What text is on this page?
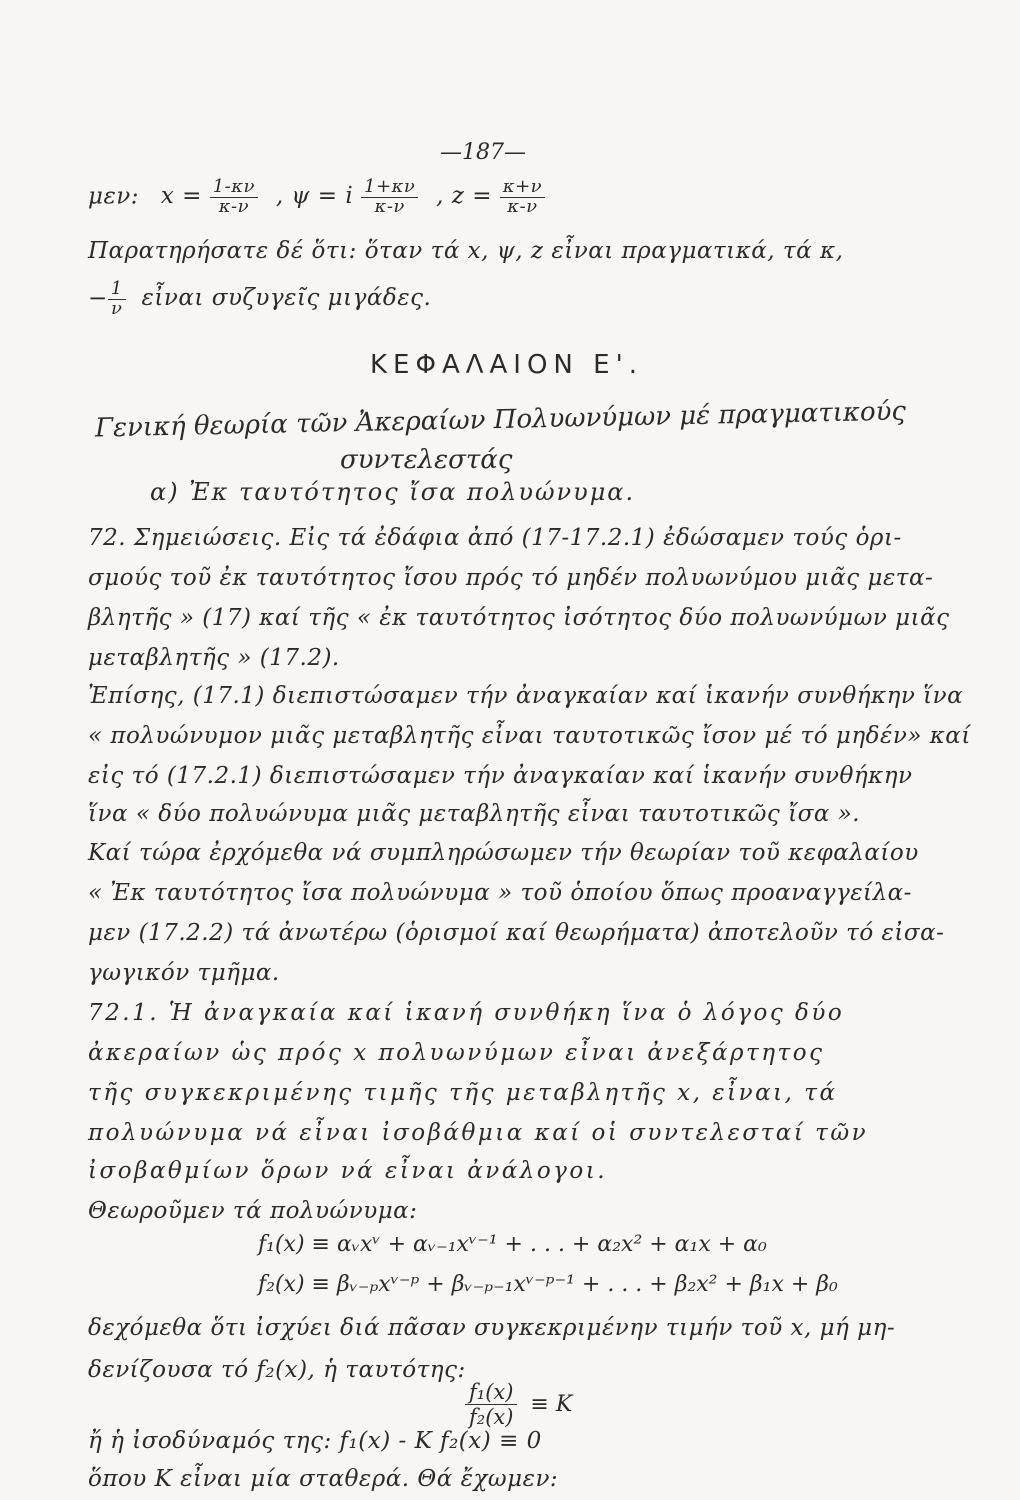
—187—
μεν: $x = \frac{1-\kappa\nu}{\kappa-\nu}$ , ψ = i $\frac{1+\kappa\nu}{\kappa-\nu}$ , $z = \frac{\kappa+\nu}{\kappa-\nu}$
Παρατηρήσατε δέ ὅτι: ὅταν τά x, ψ, z εἶναι πραγματικά, τά κ,
− $\frac{1}{\nu}$ εἶναι συζυγεῖς μιγάδες.
ΚΕΦΑΛΑΙΟΝ Ε'.
Γενική θεωρία τῶν Ἀκεραίων Πολυωνύμων μέ πραγματικούς
συντελεστάς
α) Ἐκ ταυτότητος ἴσα πολυώνυμα.
72. Σημειώσεις. Εἰς τά ἐδάφια ἀπό (17-17.2.1) ἐδώσαμεν τούς ὁρι-
σμούς τοῦ ἐκ ταυτότητος ἴσου πρός τό μηδέν πολυωνύμου μιᾶς μετα-
βλητῆς » (17) καί τῆς « ἐκ ταυτότητος ἰσότητος δύο πολυωνύμων μιᾶς
μεταβλητῆς » (17.2).
Ἐπίσης, (17.1) διεπιστώσαμεν τήν ἀναγκαίαν καί ἱκανήν συνθήκην ἵνα
« πολυώνυμον μιᾶς μεταβλητῆς εἶναι ταυτοτικῶς ἴσον μέ τό μηδέν» καί
εἰς τό (17.2.1) διεπιστώσαμεν τήν ἀναγκαίαν καί ἱκανήν συνθήκην
ἵνα « δύο πολυώνυμα μιᾶς μεταβλητῆς εἶναι ταυτοτικῶς ἴσα ».
Καί τώρα ἐρχόμεθα νά συμπληρώσωμεν τήν θεωρίαν τοῦ κεφαλαίου
« Ἐκ ταυτότητος ἴσα πολυώνυμα » τοῦ ὁποίου ὅπως προαναγγείλα-
μεν (17.2.2) τά ἀνωτέρω (ὁρισμοί καί θεωρήματα) ἀποτελοῦν τό εἰσα-
γωγικόν τμῆμα.
72.1. Ἡ ἀναγκαία καί ἱκανή συνθήκη ἵνα ὁ λόγος δύο
ἀκεραίων ὡς πρός x πολυωνύμων εἶναι ἀνεξάρτητος
τῆς συγκεκριμένης τιμῆς τῆς μεταβλητῆς x, εἶναι, τά
πολυώνυμα νά εἶναι ἰσοβάθμια καί οἱ συντελεσταί τῶν
ἰσοβαθμίων ὅρων νά εἶναι ἀνάλογοι.
Θεωροῦμεν τά πολυώνυμα:
f₁(x) ≡ αᵥxᵛ + αᵥ₋₁xᵛ⁻¹ + . . . + α₂x² + α₁x + α₀
f₂(x) ≡ βᵥ₋ₚxᵛ⁻ᵖ + βᵥ₋ₚ₋₁xᵛ⁻ᵖ⁻¹ + . . . + β₂x² + β₁x + β₀
δεχόμεθα ὅτι ἰσχύει διά πᾶσαν συγκεκριμένην τιμήν τοῦ x, μή μη-
δενίζουσα τό f₂(x), ἡ ταυτότης:
$\frac{\text{f₁(x)}}{\text{f₂(x)}} \equiv K$
ἤ ἡ ἰσοδύναμός της: f₁(x) - K f₂(x) ≡ 0
ὅπου K εἶναι μία σταθερά. Θά ἔχωμεν:
